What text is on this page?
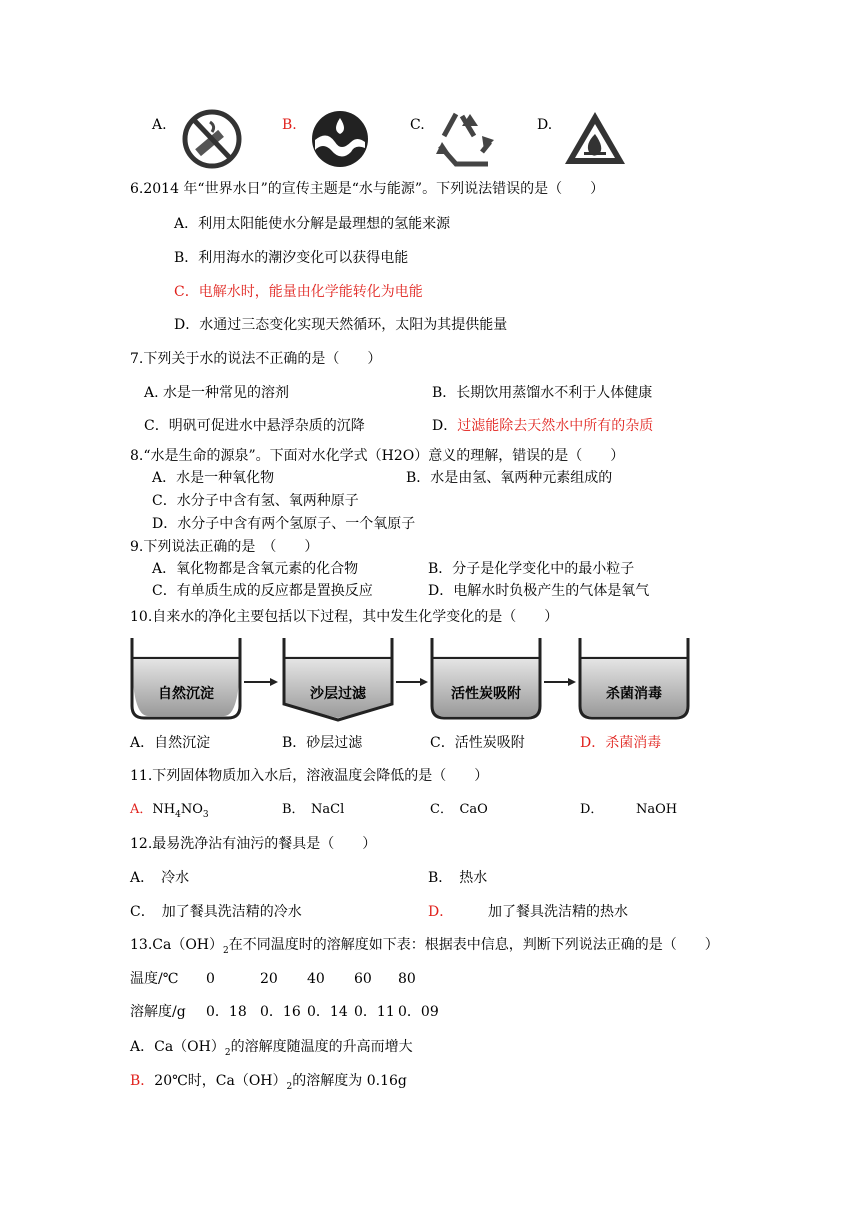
A.	B.	C.	D.
6.2014 年“世界水日”的宣传主题是“水与能源”。下列说法错误的是（　　）
A．利用太阳能使水分解是最理想的氢能来源
B．利用海水的潮汐变化可以获得电能
C．电解水时，能量由化学能转化为电能
D．水通过三态变化实现天然循环，太阳为其提供能量
7.下列关于水的说法不正确的是（　　）
A. 水是一种常见的溶剂	B．长期饮用蒸馏水不利于人体健康
C．明矾可促进水中悬浮杂质的沉降	D．过滤能除去天然水中所有的杂质
8.“水是生命的源泉”。下面对水化学式（H2O）意义的理解，错误的是（　　）
A．水是一种氧化物	B．水是由氢、氧两种元素组成的
C．水分子中含有氢、氧两种原子
D．水分子中含有两个氢原子、一个氧原子
9.下列说法正确的是　（　　）
A．氧化物都是含氧元素的化合物	B．分子是化学变化中的最小粒子
C．有单质生成的反应都是置换反应	D．电解水时负极产生的气体是氧气
10.自来水的净化主要包括以下过程，其中发生化学变化的是（　　）
自然沉淀	沙层过滤	活性炭吸附	杀菌消毒
A．自然沉淀	B．砂层过滤	C．活性炭吸附	D．杀菌消毒
11.下列固体物质加入水后，溶液温度会降低的是（　　）
A．$NH_4NO_3$	B．　NaCl	C．　CaO	D．	NaOH
12.最易洗净沾有油污的餐具是（　　）
A．　冷水	B．　热水
C．　加了餐具洗洁精的冷水	D． 加了餐具洗洁精的热水
$13.Ca(OH)_2$在不同温度时的溶解度如下表：根据表中信息，判断下列说法正确的是（　　）
温度/℃ 0	20 40 60 80
溶解度/g 0．18 0．16 0．14 0．11 0．09
A．$Ca(OH)_2$的溶解度随温度的升高而增大
B．20℃时，$Ca(OH)_2$的溶解度为 0.16g
